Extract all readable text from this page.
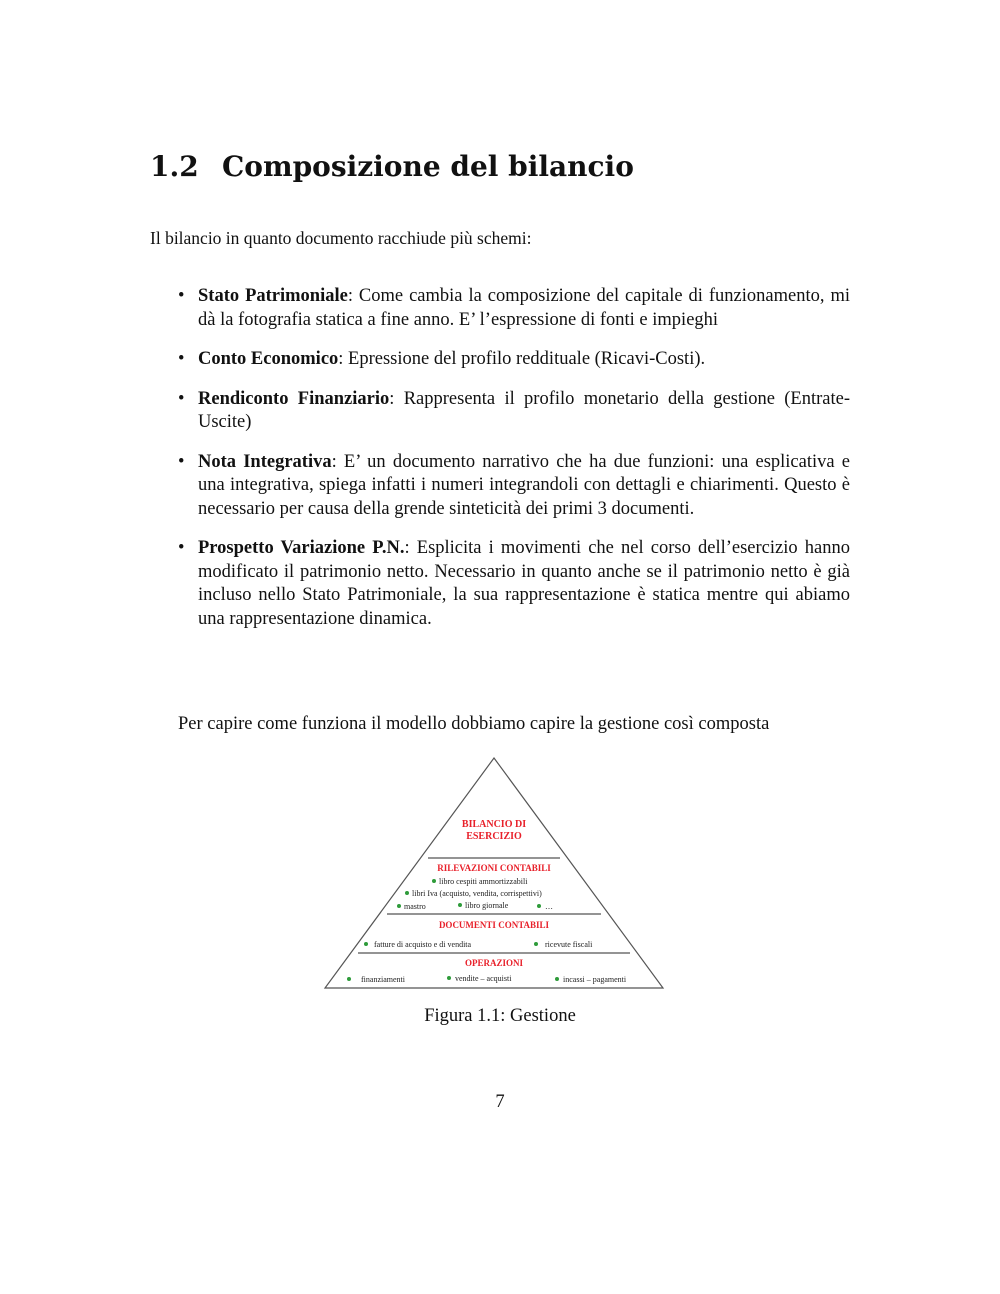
1.2 Composizione del bilancio

Il bilancio in quanto documento racchiude più schemi:

• Stato Patrimoniale: Come cambia la composizione del capitale di funzionamento, mi dà la fotografia statica a fine anno. E’ l’espressione di fonti e impieghi
• Conto Economico: Epressione del profilo reddituale (Ricavi-Costi).
• Rendiconto Finanziario: Rappresenta il profilo monetario della gestione (Entrate-Uscite)
• Nota Integrativa: E’ un documento narrativo che ha due funzioni: una esplicativa e una integrativa, spiega infatti i numeri integrandoli con dettagli e chiarimenti. Questo è necessario per causa della grende sinteticità dei primi 3 documenti.
• Prospetto Variazione P.N.: Esplicita i movimenti che nel corso dell’esercizio hanno modificato il patrimonio netto. Necessario in quanto anche se il patrimonio netto è già incluso nello Stato Patrimoniale, la sua rappresentazione è statica mentre qui abiamo una rappresentazione dinamica.

Per capire come funziona il modello dobbiamo capire la gestione così composta

BILANCIO DI
ESERCIZIO
RILEVAZIONI CONTABILI
libro cespiti ammortizzabili
libri Iva (acquisto, vendita, corrispettivi)
mastro	libro giornale	…
DOCUMENTI CONTABILI
fatture di acquisto e di vendita	ricevute fiscali
OPERAZIONI
finanziamenti	vendite – acquisti	incassi – pagamenti

Figura 1.1: Gestione

7
